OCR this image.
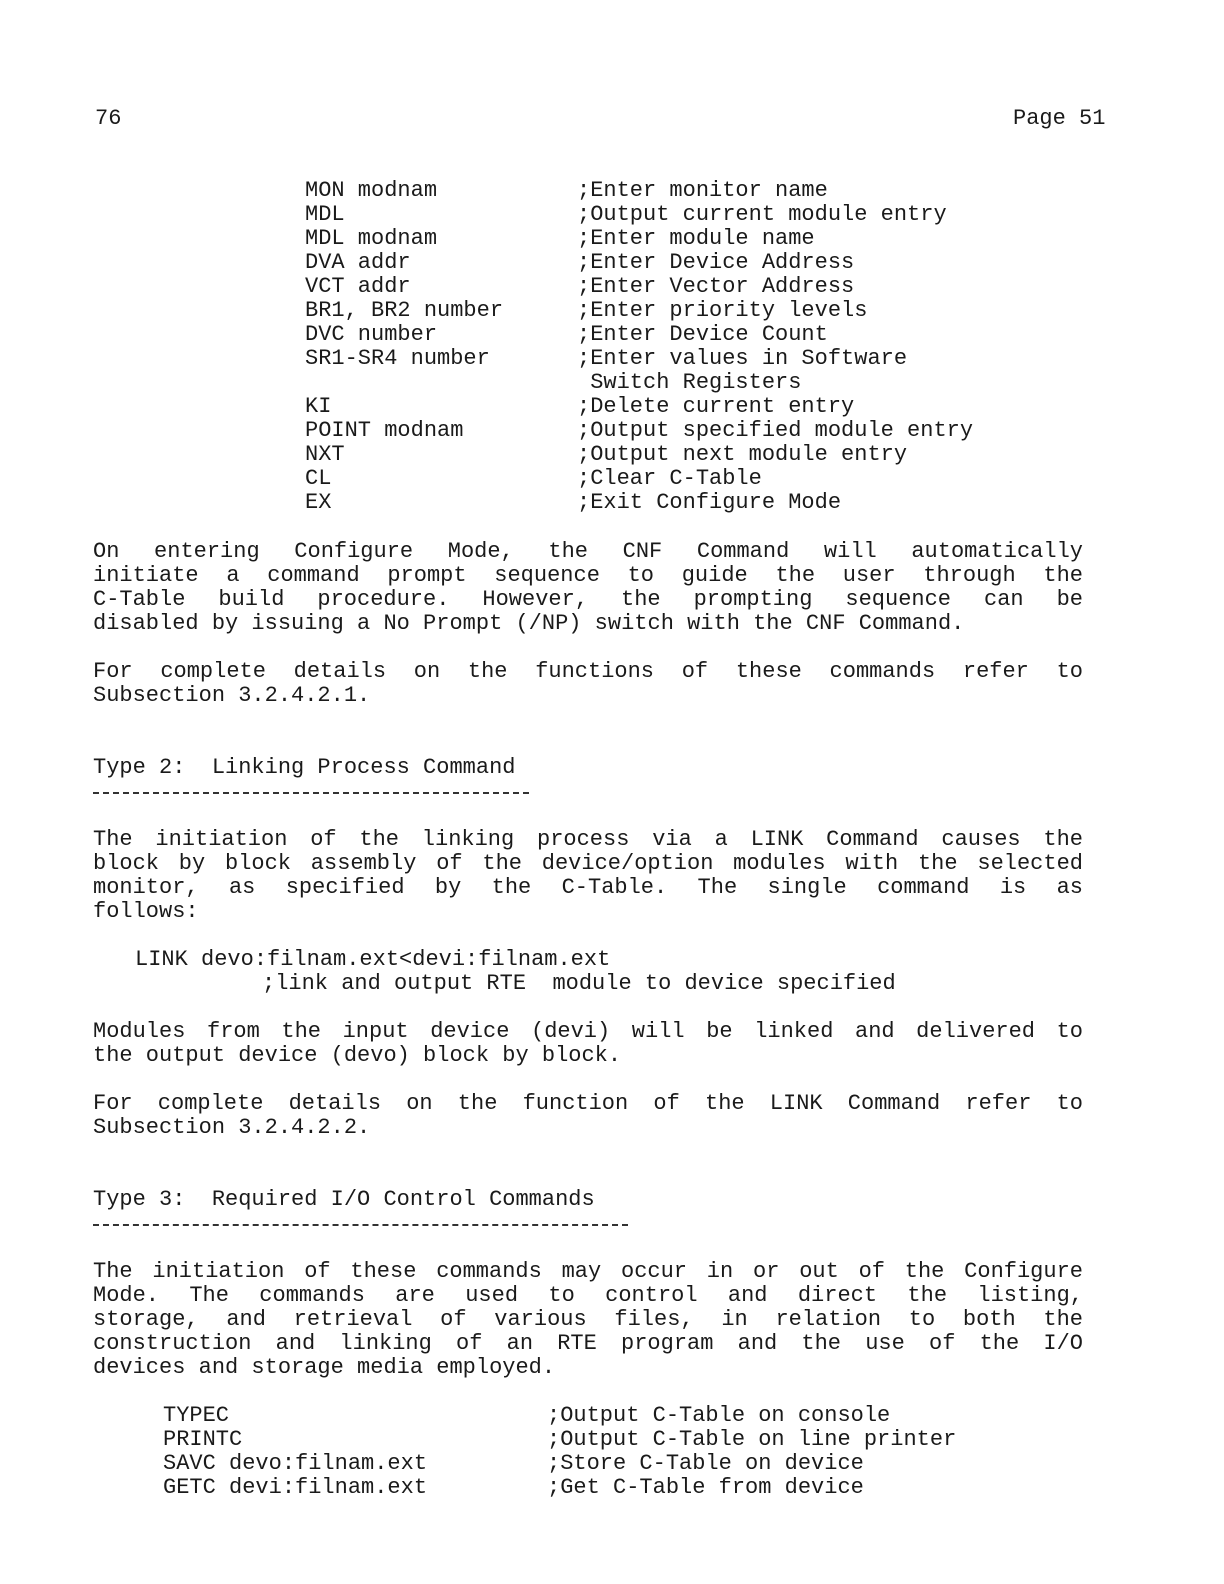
76	Page 51
MON modnam	;Enter monitor name
MDL	;Output current module entry
MDL modnam	;Enter module name
DVA addr	;Enter Device Address
VCT addr	;Enter Vector Address
BR1, BR2 number	;Enter priority levels
DVC number	;Enter Device Count
SR1-SR4 number	;Enter values in Software
Switch Registers
KI	;Delete current entry
POINT modnam	;Output specified module entry
NXT	;Output next module entry
CL	;Clear C-Table
EX	;Exit Configure Mode
On entering Configure Mode, the CNF Command will automatically
initiate a command prompt sequence to guide the user through the
C-Table build procedure. However, the prompting sequence can be
disabled by issuing a No Prompt (/NP) switch with the CNF Command.
For complete details on the functions of these commands refer to
Subsection 3.2.4.2.1.
Type 2:  Linking Process Command
The initiation of the linking process via a LINK Command causes the
block by block assembly of the device/option modules with the selected
monitor, as specified by the C-Table. The single command is as
follows:
LINK devo:filnam.ext<devi:filnam.ext
;link and output RTE  module to device specified
Modules from the input device (devi) will be linked and delivered to
the output device (devo) block by block.
For complete details on the function of the LINK Command refer to
Subsection 3.2.4.2.2.
Type 3:  Required I/O Control Commands
The initiation of these commands may occur in or out of the Configure
Mode. The commands are used to control and direct the listing,
storage, and retrieval of various files, in relation to both the
construction and linking of an RTE program and the use of the I/O
devices and storage media employed.
TYPEC	;Output C-Table on console
PRINTC	;Output C-Table on line printer
SAVC devo:filnam.ext	;Store C-Table on device
GETC devi:filnam.ext	;Get C-Table from device
